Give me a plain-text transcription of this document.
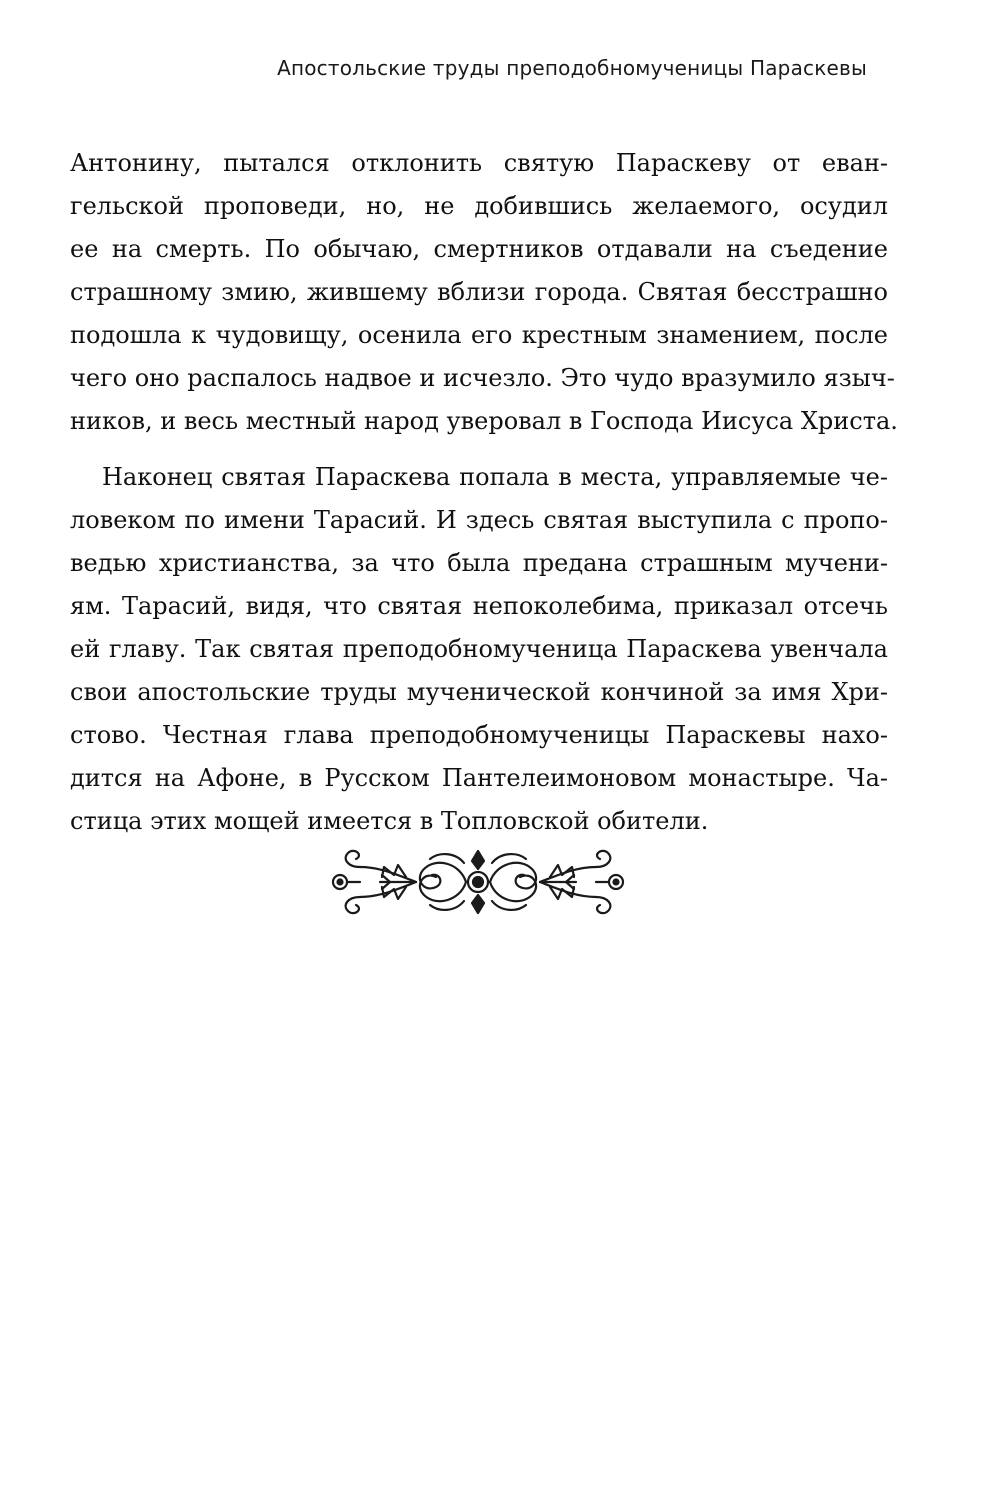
Апостольские труды преподобномученицы Параскевы
Антонину, пытался отклонить святую Параскеву от еван-
гельской проповеди, но, не добившись желаемого, осудил
ее на смерть. По обычаю, смертников отдавали на съедение
страшному змию, жившему вблизи города. Святая бесстрашно
подошла к чудовищу, осенила его крестным знамением, после
чего оно распалось надвое и исчезло. Это чудо вразумило языч-
ников, и весь местный народ уверовал в Господа Иисуса Христа.
Наконец святая Параскева попала в места, управляемые че-
ловеком по имени Тарасий. И здесь святая выступила с пропо-
ведью христианства, за что была предана страшным мучени-
ям. Тарасий, видя, что святая непоколебима, приказал отсечь
ей главу. Так святая преподобномученица Параскева увенчала
свои апостольские труды мученической кончиной за имя Хри-
стово. Честная глава преподобномученицы Параскевы нахо-
дится на Афоне, в Русском Пантелеимоновом монастыре. Ча-
стица этих мощей имеется в Топловской обители.
